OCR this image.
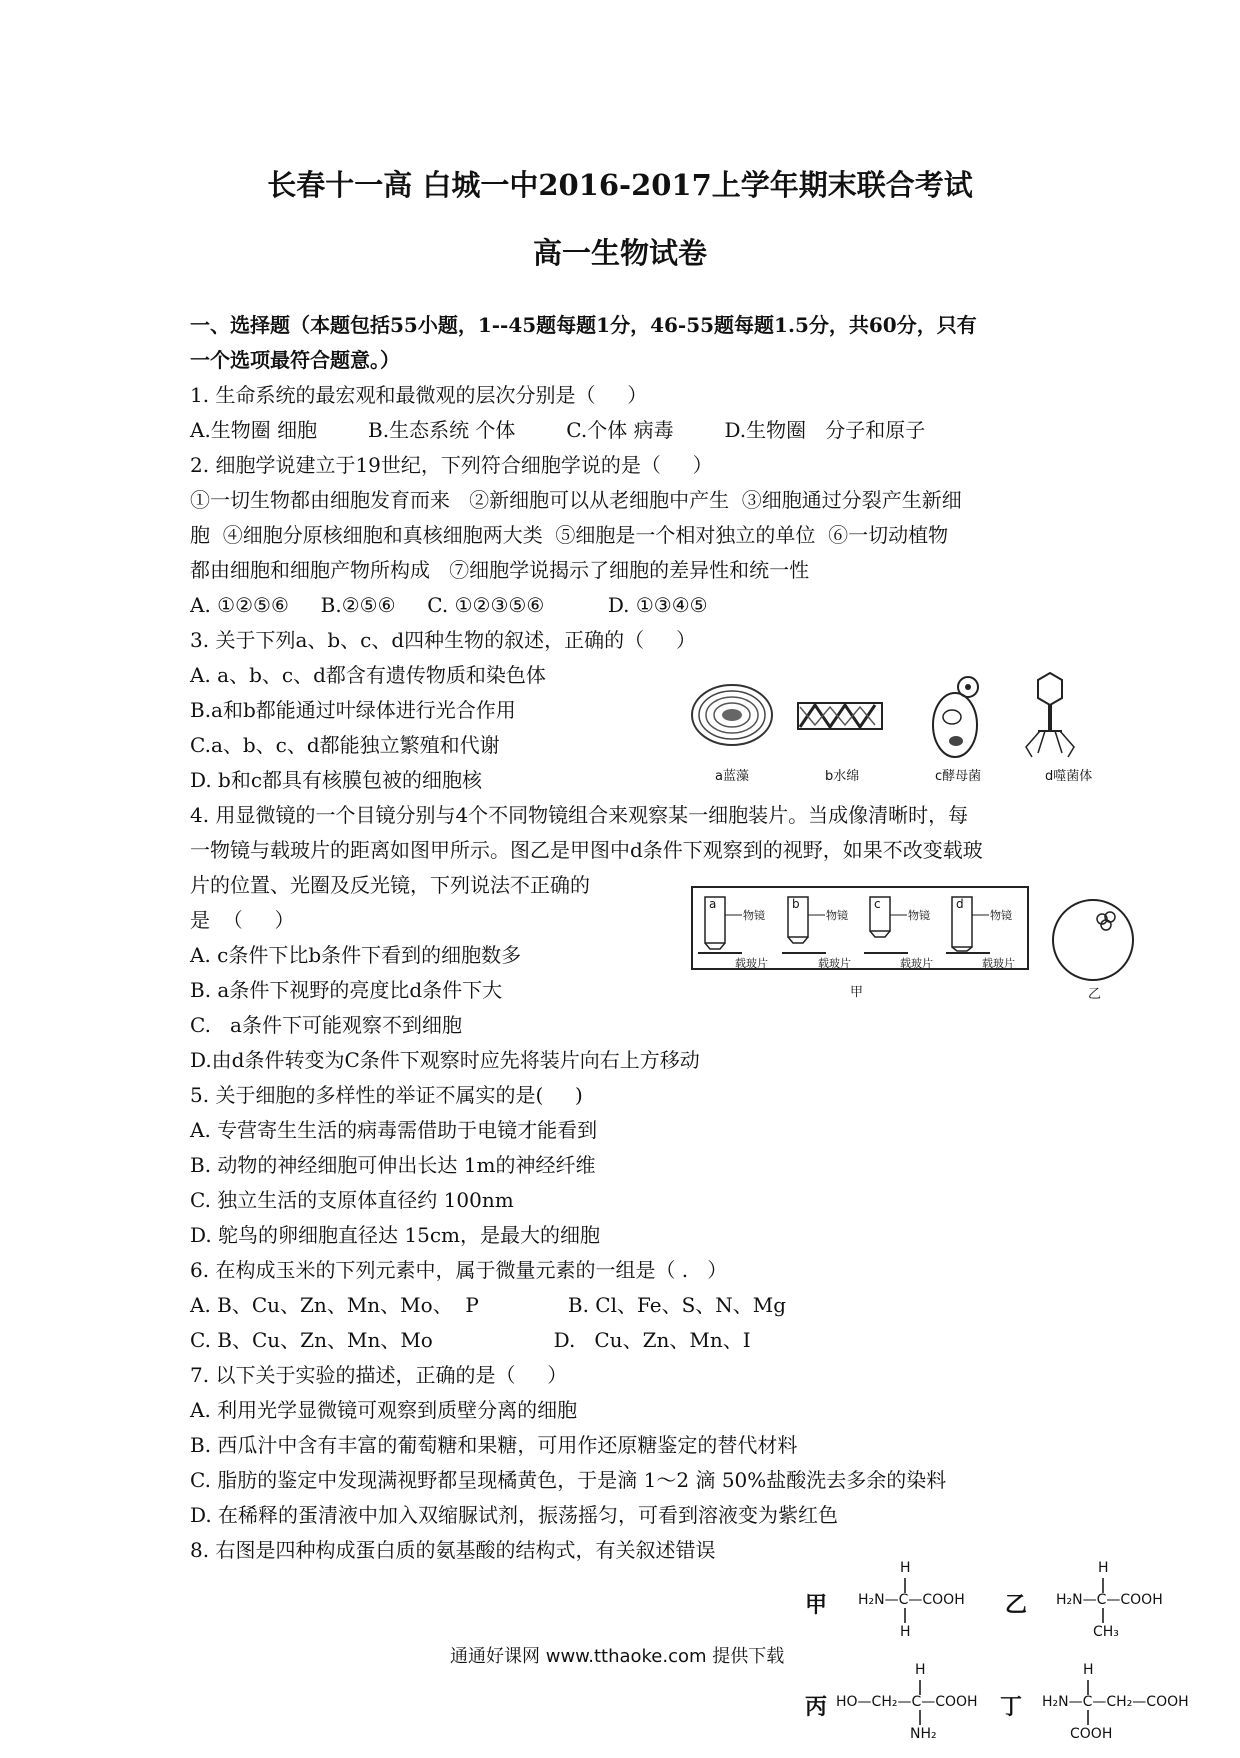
长春十一高 白城一中2016-2017上学年期末联合考试
高一生物试卷
一、选择题（本题包括55小题，1--45题每题1分，46-55题每题1.5分，共60分，只有
一个选项最符合题意。）
1. 生命系统的最宏观和最微观的层次分别是（     ）
A.生物圈 细胞        B.生态系统 个体        C.个体 病毒        D.生物圈   分子和原子
2. 细胞学说建立于19世纪，下列符合细胞学说的是（     ）
①一切生物都由细胞发育而来   ②新细胞可以从老细胞中产生  ③细胞通过分裂产生新细
胞  ④细胞分原核细胞和真核细胞两大类  ⑤细胞是一个相对独立的单位  ⑥一切动植物
都由细胞和细胞产物所构成   ⑦细胞学说揭示了细胞的差异性和统一性
A. ①②⑤⑥     B.②⑤⑥     C. ①②③⑤⑥          D. ①③④⑤
3. 关于下列a、b、c、d四种生物的叙述，正确的（     ）
A. a、b、c、d都含有遗传物质和染色体
B.a和b都能通过叶绿体进行光合作用
C.a、b、c、d都能独立繁殖和代谢
D. b和c都具有核膜包被的细胞核	a蓝藻	b水绵	c酵母菌	d噬菌体
4. 用显微镜的一个目镜分别与4个不同物镜组合来观察某一细胞装片。当成像清晰时，每
一物镜与载玻片的距离如图甲所示。图乙是甲图中d条件下观察到的视野，如果不改变载玻
片的位置、光圈及反光镜，下列说法不正确的
是  （     ）
A. c条件下比b条件下看到的细胞数多
B. a条件下视野的亮度比d条件下大
C.   a条件下可能观察不到细胞
D.由d条件转变为C条件下观察时应先将装片向右上方移动
a	b	c	d
物镜	物镜	物镜	物镜
载玻片	载玻片	载玻片	载玻片
甲	乙
5. 关于细胞的多样性的举证不属实的是(     )
A. 专营寄生生活的病毒需借助于电镜才能看到
B. 动物的神经细胞可伸出长达 1m的神经纤维
C. 独立生活的支原体直径约 100nm
D. 鸵鸟的卵细胞直径达 15cm，是最大的细胞
6. 在构成玉米的下列元素中，属于微量元素的一组是（ .   ）
A. B、Cu、Zn、Mn、Mo、  P              B. Cl、Fe、S、N、Mg
C. B、Cu、Zn、Mn、Mo                   D.   Cu、Zn、Mn、I
7. 以下关于实验的描述，正确的是（     ）
A. 利用光学显微镜可观察到质壁分离的细胞
B. 西瓜汁中含有丰富的葡萄糖和果糖，可用作还原糖鉴定的替代材料
C. 脂肪的鉴定中发现满视野都呈现橘黄色，于是滴 1～2 滴 50%盐酸洗去多余的染料
D. 在稀释的蛋清液中加入双缩脲试剂，振荡摇匀，可看到溶液变为紫红色
8. 右图是四种构成蛋白质的氨基酸的结构式，有关叙述错误
甲
H
H₂N—C—COOH
H
乙
H
H₂N—C—COOH
CH₃
丙
H
HO—CH₂—C—COOH
NH₂
丁
H
H₂N—C—CH₂—COOH
COOH
通通好课网 www.tthaoke.com 提供下载
